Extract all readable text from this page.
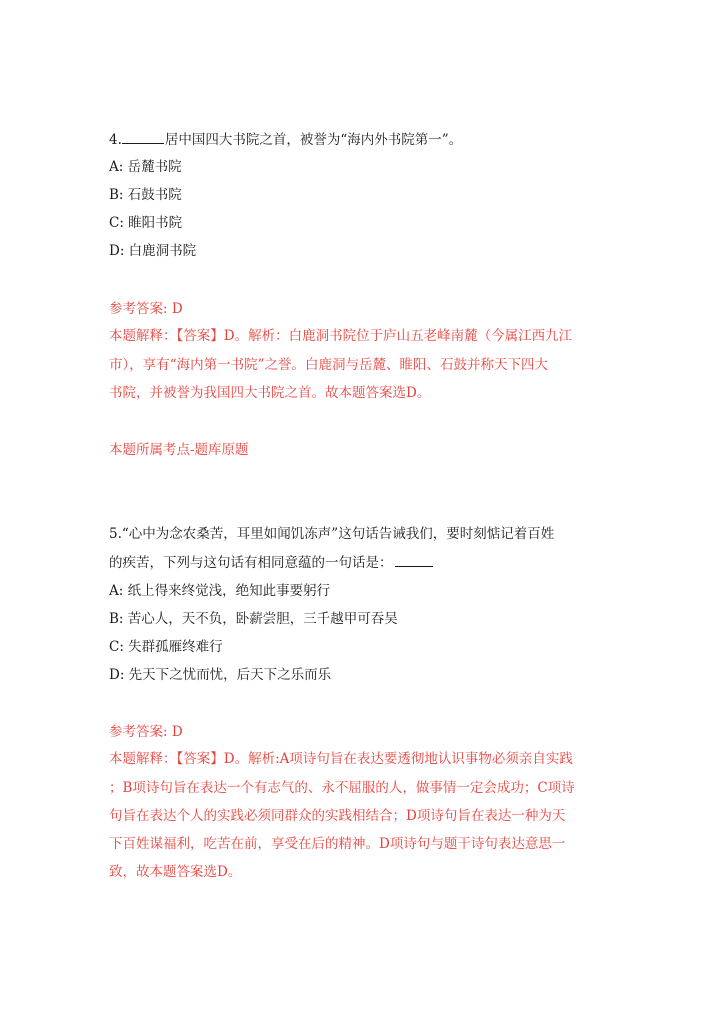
4.	居中国四大书院之首，被誉为“海内外书院第一”。
A: 岳麓书院
B: 石鼓书院
C: 睢阳书院
D: 白鹿洞书院
参考答案: D
本题解释：【答案】D。解析：白鹿洞书院位于庐山五老峰南麓（今属江西九江
市），享有“海内第一书院”之誉。白鹿洞与岳麓、睢阳、石鼓并称天下四大
书院，并被誉为我国四大书院之首。故本题答案选D。
本题所属考点-题库原题
5.“心中为念农桑苦，耳里如闻饥冻声”这句话告诫我们，要时刻惦记着百姓
的疾苦，下列与这句话有相同意蕴的一句话是：
A: 纸上得来终觉浅，绝知此事要躬行
B: 苦心人，天不负，卧薪尝胆，三千越甲可吞吴
C: 失群孤雁终难行
D: 先天下之忧而忧，后天下之乐而乐
参考答案: D
本题解释：【答案】D。解析:A项诗句旨在表达要透彻地认识事物必须亲自实践
；B项诗句旨在表达一个有志气的、永不屈服的人，做事情一定会成功；C项诗
句旨在表达个人的实践必须同群众的实践相结合；D项诗句旨在表达一种为天
下百姓谋福利，吃苦在前，享受在后的精神。D项诗句与题干诗句表达意思一
致，故本题答案选D。
